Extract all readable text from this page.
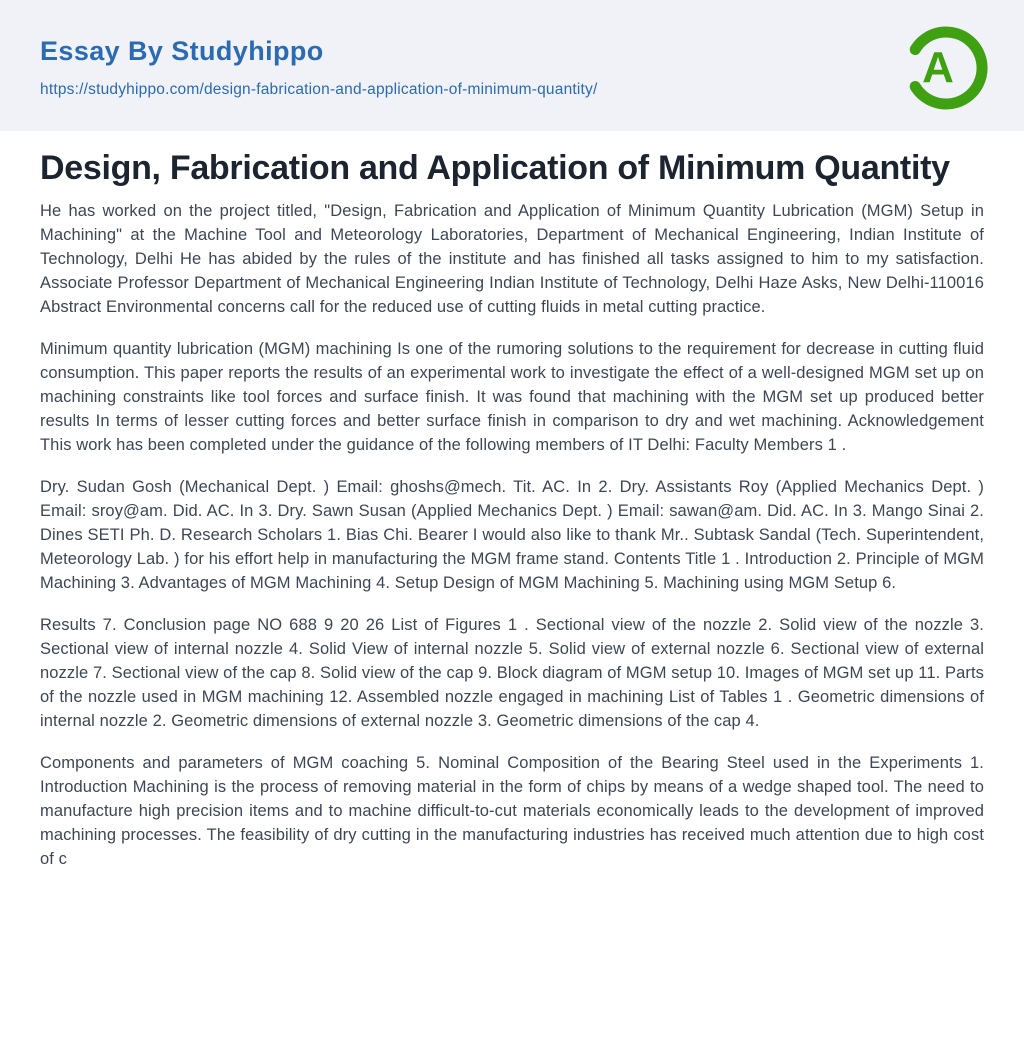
Essay By Studyhippo
https://studyhippo.com/design-fabrication-and-application-of-minimum-quantity/	A
Design, Fabrication and Application of Minimum Quantity

He has worked on the project titled, "Design, Fabrication and Application of Minimum Quantity Lubrication (MGM) Setup in Machining" at the Machine Tool and Meteorology Laboratories, Department of Mechanical Engineering, Indian Institute of Technology, Delhi He has abided by the rules of the institute and has finished all tasks assigned to him to my satisfaction. Associate Professor Department of Mechanical Engineering Indian Institute of Technology, Delhi Haze Asks, New Delhi-110016 Abstract Environmental concerns call for the reduced use of cutting fluids in metal cutting practice.

Minimum quantity lubrication (MGM) machining Is one of the rumoring solutions to the requirement for decrease in cutting fluid consumption. This paper reports the results of an experimental work to investigate the effect of a well-designed MGM set up on machining constraints like tool forces and surface finish. It was found that machining with the MGM set up produced better results In terms of lesser cutting forces and better surface finish in comparison to dry and wet machining. Acknowledgement This work has been completed under the guidance of the following members of IT Delhi: Faculty Members 1 .

Dry. Sudan Gosh (Mechanical Dept. ) Email: ghoshs@mech. Tit. AC. In 2. Dry. Assistants Roy (Applied Mechanics Dept. ) Email: sroy@am. Did. AC. In 3. Dry. Sawn Susan (Applied Mechanics Dept. ) Email: sawan@am. Did. AC. In 3. Mango Sinai 2. Dines SETI Ph. D. Research Scholars 1. Bias Chi. Bearer I would also like to thank Mr.. Subtask Sandal (Tech. Superintendent, Meteorology Lab. ) for his effort help in manufacturing the MGM frame stand. Contents Title 1 . Introduction 2. Principle of MGM Machining 3. Advantages of MGM Machining 4. Setup Design of MGM Machining 5. Machining using MGM Setup 6.

Results 7. Conclusion page NO 688 9 20 26 List of Figures 1 . Sectional view of the nozzle 2. Solid view of the nozzle 3. Sectional view of internal nozzle 4. Solid View of internal nozzle 5. Solid view of external nozzle 6. Sectional view of external nozzle 7. Sectional view of the cap 8. Solid view of the cap 9. Block diagram of MGM setup 10. Images of MGM set up 11. Parts of the nozzle used in MGM machining 12. Assembled nozzle engaged in machining List of Tables 1 . Geometric dimensions of internal nozzle 2. Geometric dimensions of external nozzle 3. Geometric dimensions of the cap 4.

Components and parameters of MGM coaching 5. Nominal Composition of the Bearing Steel used in the Experiments 1. Introduction Machining is the process of removing material in the form of chips by means of a wedge shaped tool. The need to manufacture high precision items and to machine difficult-to-cut materials economically leads to the development of improved machining processes. The feasibility of dry cutting in the manufacturing industries has received much attention due to high cost of c
